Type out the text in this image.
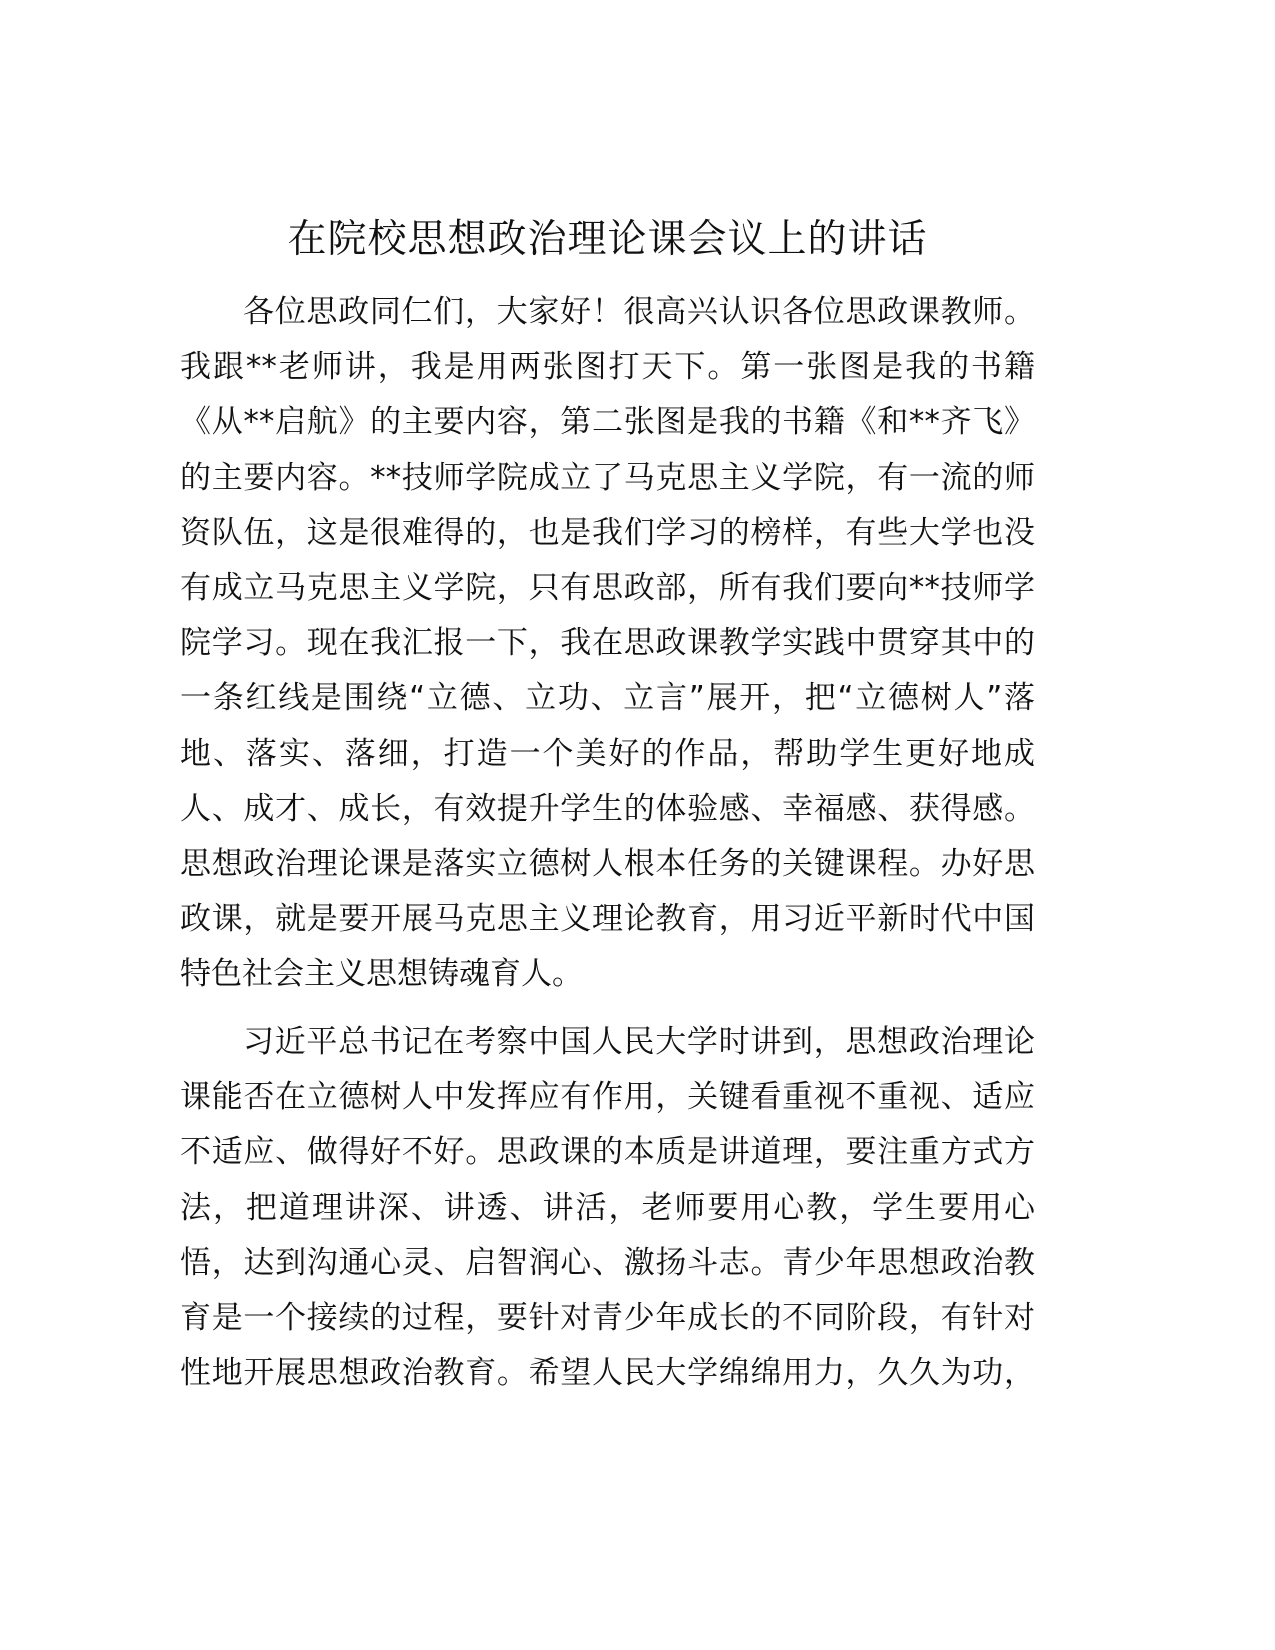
在院校思想政治理论课会议上的讲话
各位思政同仁们，大家好！很高兴认识各位思政课教师。
我跟**老师讲，我是用两张图打天下。第一张图是我的书籍
《从**启航》的主要内容，第二张图是我的书籍《和**齐飞》
的主要内容。**技师学院成立了马克思主义学院，有一流的师
资队伍，这是很难得的，也是我们学习的榜样，有些大学也没
有成立马克思主义学院，只有思政部，所有我们要向**技师学
院学习。现在我汇报一下，我在思政课教学实践中贯穿其中的
一条红线是围绕“立德、立功、立言”展开，把“立德树人”落
地、落实、落细，打造一个美好的作品，帮助学生更好地成
人、成才、成长，有效提升学生的体验感、幸福感、获得感。
思想政治理论课是落实立德树人根本任务的关键课程。办好思
政课，就是要开展马克思主义理论教育，用习近平新时代中国
特色社会主义思想铸魂育人。
习近平总书记在考察中国人民大学时讲到，思想政治理论
课能否在立德树人中发挥应有作用，关键看重视不重视、适应
不适应、做得好不好。思政课的本质是讲道理，要注重方式方
法，把道理讲深、讲透、讲活，老师要用心教，学生要用心
悟，达到沟通心灵、启智润心、激扬斗志。青少年思想政治教
育是一个接续的过程，要针对青少年成长的不同阶段，有针对
性地开展思想政治教育。希望人民大学绵绵用力，久久为功，
